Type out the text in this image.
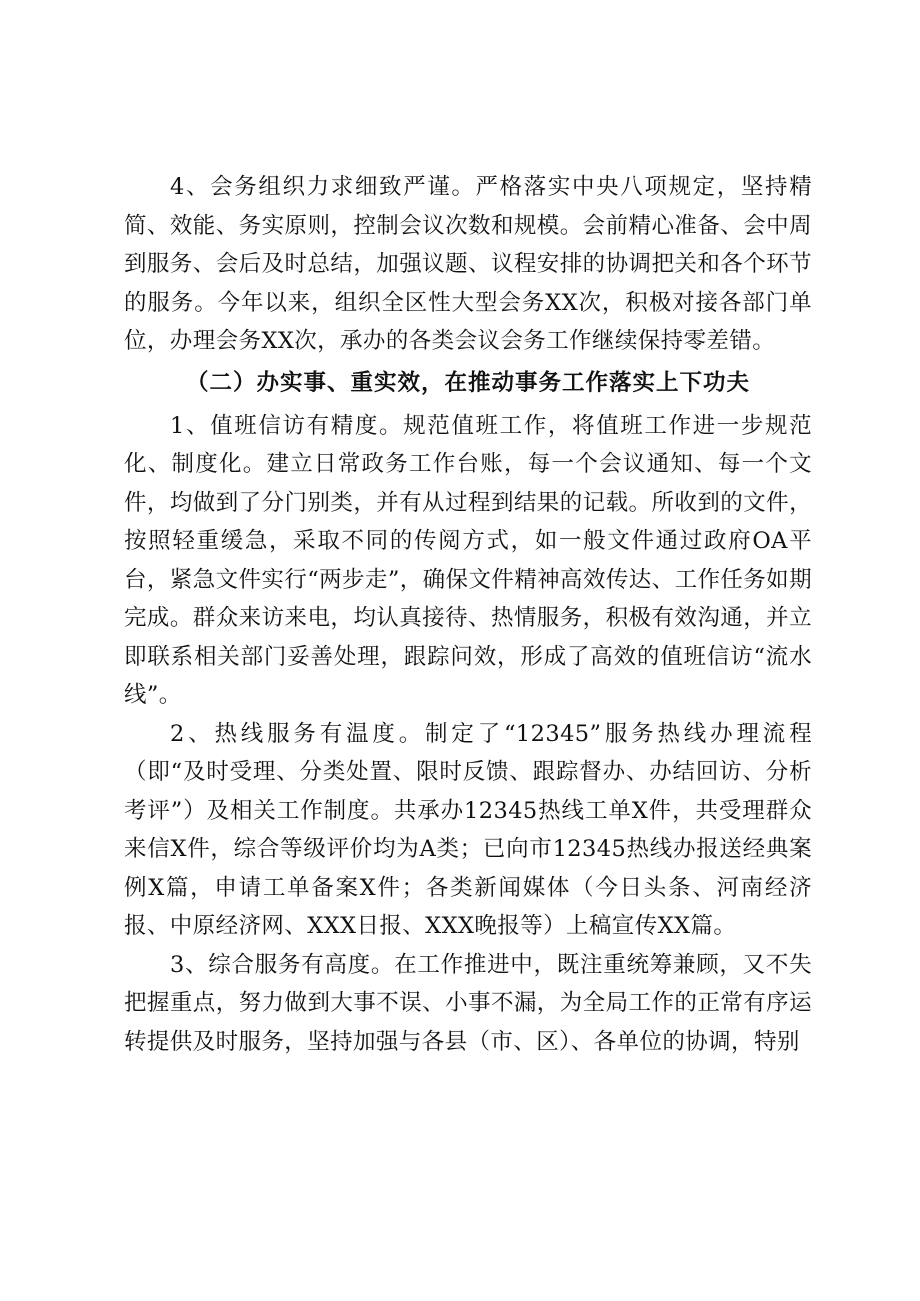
4、会务组织力求细致严谨。严格落实中央八项规定，坚持精简、效能、务实原则，控制会议次数和规模。会前精心准备、会中周到服务、会后及时总结，加强议题、议程安排的协调把关和各个环节的服务。今年以来，组织全区性大型会务XX次，积极对接各部门单位，办理会务XX次，承办的各类会议会务工作继续保持零差错。

（二）办实事、重实效，在推动事务工作落实上下功夫

1、值班信访有精度。规范值班工作，将值班工作进一步规范化、制度化。建立日常政务工作台账，每一个会议通知、每一个文件，均做到了分门别类，并有从过程到结果的记载。所收到的文件，按照轻重缓急，采取不同的传阅方式，如一般文件通过政府OA平台，紧急文件实行“两步走”，确保文件精神高效传达、工作任务如期完成。群众来访来电，均认真接待、热情服务，积极有效沟通，并立即联系相关部门妥善处理，跟踪问效，形成了高效的值班信访“流水线”。

2、热线服务有温度。制定了“12345”服务热线办理流程（即“及时受理、分类处置、限时反馈、跟踪督办、办结回访、分析考评”）及相关工作制度。共承办12345热线工单X件，共受理群众来信X件，综合等级评价均为A类；已向市12345热线办报送经典案例X篇，申请工单备案X件；各类新闻媒体（今日头条、河南经济报、中原经济网、XXX日报、XXX晚报等）上稿宣传XX篇。

3、综合服务有高度。在工作推进中，既注重统筹兼顾，又不失把握重点，努力做到大事不误、小事不漏，为全局工作的正常有序运转提供及时服务，坚持加强与各县（市、区）、各单位的协调，特别
